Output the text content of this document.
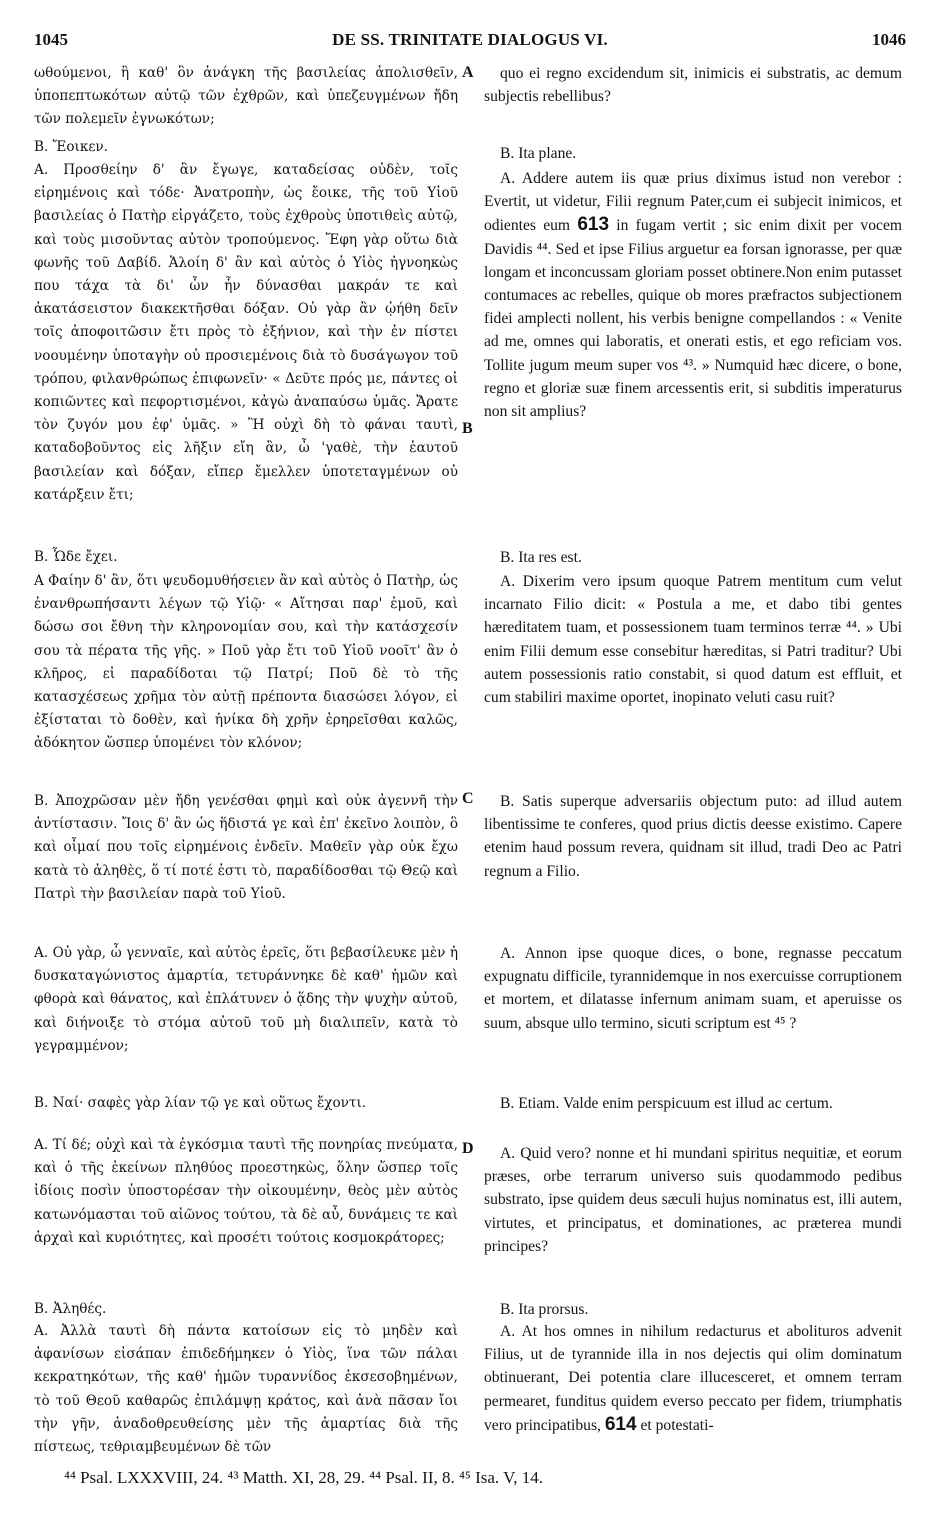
1045	DE SS. TRINITATE DIALOGUS VI.	1046
A
B
C
D

ωθούμενοι, ἢ καθ' ὃν ἀνάγκη τῆς βασιλείας ἀπολισθεῖν, ὑποπεπτωκότων αὐτῷ τῶν ἐχθρῶν, καὶ ὑπεζευγμένων ἤδη τῶν πολεμεῖν ἐγνωκότων;

Β. Ἔοικεν.

Α. Προσθείην δ' ἂν ἔγωγε, καταδείσας οὐδὲν, τοῖς εἰρημένοις καὶ τόδε· Ἀνατροπὴν, ὡς ἔοικε, τῆς τοῦ Υἱοῦ βασιλείας ὁ Πατὴρ εἰργάζετο, τοὺς ἐχθροὺς ὑποτιθεὶς αὐτῷ, καὶ τοὺς μισοῦντας αὐτὸν τροπούμενος. Ἔφη γὰρ οὕτω διὰ φωνῆς τοῦ Δαβίδ. Ἁλοίη δ' ἂν καὶ αὐτὸς ὁ Υἱὸς ἠγνοηκὼς που τάχα τὰ δι' ὧν ἦν δύνασθαι μακράν τε καὶ ἀκατάσειστον διακεκτῆσθαι δόξαν. Οὐ γὰρ ἂν ᾠήθη δεῖν τοῖς ἀποφοιτῶσιν ἔτι πρὸς τὸ ἐξήνιον, καὶ τὴν ἐν πίστει νοουμένην ὑποταγὴν οὐ προσιεμένοις διὰ τὸ δυσάγωγον τοῦ τρόπου, φιλανθρώπως ἐπιφωνεῖν· « Δεῦτε πρός με, πάντες οἱ κοπιῶντες καὶ πεφορτισμένοι, κἀγὼ ἀναπαύσω ὑμᾶς. Ἄρατε τὸν ζυγόν μου ἐφ' ὑμᾶς. » Ἢ οὐχὶ δὴ τὸ φάναι ταυτὶ, καταδοβοῦντος εἰς λῆξιν εἴη ἂν, ὦ 'γαθὲ, τὴν ἑαυτοῦ βασιλείαν καὶ δόξαν, εἴπερ ἔμελλεν ὑποτεταγμένων οὐ κατάρξειν ἔτι;

Β. Ὧδε ἔχει.

Α Φαίην δ' ἂν, ὅτι ψευδομυθήσειεν ἂν καὶ αὐτὸς ὁ Πατὴρ, ὡς ἐνανθρωπήσαντι λέγων τῷ Υἱῷ· « Αἴτησαι παρ' ἐμοῦ, καὶ δώσω σοι ἔθνη τὴν κληρονομίαν σου, καὶ τὴν κατάσχεσίν σου τὰ πέρατα τῆς γῆς. » Ποῦ γὰρ ἔτι τοῦ Υἱοῦ νοοῖτ' ἂν ὁ κλῆρος, εἰ παραδίδοται τῷ Πατρί; Ποῦ δὲ τὸ τῆς κατασχέσεως χρῆμα τὸν αὐτῇ πρέποντα διασώσει λόγον, εἰ ἐξίσταται τὸ δοθὲν, καὶ ἡνίκα δὴ χρῆν ἐρηρεῖσθαι καλῶς, ἀδόκητον ὥσπερ ὑπομένει τὸν κλόνον;

Β. Ἀποχρῶσαν μὲν ἤδη γενέσθαι φημὶ καὶ οὐκ ἀγεννῆ τὴν ἀντίστασιν. Ἴοις δ' ἂν ὡς ἥδιστά γε καὶ ἐπ' ἐκεῖνο λοιπὸν, ὃ καὶ οἶμαί που τοῖς εἰρημένοις ἐνδεῖν. Μαθεῖν γὰρ οὐκ ἔχω κατὰ τὸ ἀληθὲς, ὅ τί ποτέ ἐστι τὸ, παραδίδοσθαι τῷ Θεῷ καὶ Πατρὶ τὴν βασιλείαν παρὰ τοῦ Υἱοῦ.

Α. Οὐ γὰρ, ὦ γενναῖε, καὶ αὐτὸς ἐρεῖς, ὅτι βεβασίλευκε μὲν ἡ δυσκαταγώνιστος ἁμαρτία, τετυράννηκε δὲ καθ' ἡμῶν καὶ φθορὰ καὶ θάνατος, καὶ ἐπλάτυνεν ὁ ᾅδης τὴν ψυχὴν αὐτοῦ, καὶ διήνοιξε τὸ στόμα αὐτοῦ τοῦ μὴ διαλιπεῖν, κατὰ τὸ γεγραμμένον;

Β. Ναί· σαφὲς γὰρ λίαν τῷ γε καὶ οὕτως ἔχοντι.

Α. Τί δέ; οὐχὶ καὶ τὰ ἐγκόσμια ταυτὶ τῆς πονηρίας πνεύματα, καὶ ὁ τῆς ἐκείνων πληθύος προεστηκὼς, ὅλην ὥσπερ τοῖς ἰδίοις ποσὶν ὑποστορέσαν τὴν οἰκουμένην, θεὸς μὲν αὐτὸς κατωνόμασται τοῦ αἰῶνος τούτου, τὰ δὲ αὖ, δυνάμεις τε καὶ ἀρχαὶ καὶ κυριότητες, καὶ προσέτι τούτοις κοσμοκράτορες;

Β. Ἀληθές.

Α. Ἀλλὰ ταυτὶ δὴ πάντα κατοίσων εἰς τὸ μηδὲν καὶ ἀφανίσων εἰσάπαν ἐπιδεδήμηκεν ὁ Υἱὸς, ἵνα τῶν πάλαι κεκρατηκότων, τῆς καθ' ἡμῶν τυραννίδος ἐκσεσοβημένων, τὸ τοῦ Θεοῦ καθαρῶς ἐπιλάμψῃ κράτος, καὶ ἀνὰ πᾶσαν ἴοι τὴν γῆν, ἀναδοθρευθείσης μὲν τῆς ἁμαρτίας διὰ τῆς πίστεως, τεθριαμβευμένων δὲ τῶν

quo ei regno excidendum sit, inimicis ei substratis, ac demum subjectis rebellibus?

B. Ita plane.

A. Addere autem iis quæ prius diximus istud non verebor : Evertit, ut videtur, Filii regnum Pater,cum ei subjecit inimicos, et odientes eum 613 in fugam vertit ; sic enim dixit per vocem Davidis ⁴⁴. Sed et ipse Filius arguetur ea forsan ignorasse, per quæ longam et inconcussam gloriam posset obtinere.Non enim putasset contumaces ac rebelles, quique ob mores præfractos subjectionem fidei amplecti nollent, his verbis benigne compellandos : « Venite ad me, omnes qui laboratis, et onerati estis, et ego reficiam vos. Tollite jugum meum super vos ⁴³. » Numquid hæc dicere, o bone, regno et gloriæ suæ finem arcessentis erit, si subditis imperaturus non sit amplius?

B. Ita res est.

A. Dixerim vero ipsum quoque Patrem mentitum cum velut incarnato Filio dicit: « Postula a me, et dabo tibi gentes hæreditatem tuam, et possessionem tuam terminos terræ ⁴⁴. » Ubi enim Filii demum esse consebitur hæreditas, si Patri traditur? Ubi autem possessionis ratio constabit, si quod datum est effluit, et cum stabiliri maxime oportet, inopinato veluti casu ruit?

B. Satis superque adversariis objectum puto: ad illud autem libentissime te conferes, quod prius dictis deesse existimo. Capere etenim haud possum revera, quidnam sit illud, tradi Deo ac Patri regnum a Filio.

A. Annon ipse quoque dices, o bone, regnasse peccatum expugnatu difficile, tyrannidemque in nos exercuisse corruptionem et mortem, et dilatasse infernum animam suam, et aperuisse os suum, absque ullo termino, sicuti scriptum est ⁴⁵ ?

B. Etiam. Valde enim perspicuum est illud ac certum.

A. Quid vero? nonne et hi mundani spiritus nequitiæ, et eorum præses, orbe terrarum universo suis quodammodo pedibus substrato, ipse quidem deus sæculi hujus nominatus est, illi autem, virtutes, et principatus, et dominationes, ac præterea mundi principes?

B. Ita prorsus.

A. At hos omnes in nihilum redacturus et abolituros advenit Filius, ut de tyrannide illa in nos dejectis qui olim dominatum obtinuerant, Dei potentia clare illucesceret, et omnem terram permearet, funditus quidem everso peccato per fidem, triumphatis vero principatibus, 614 et potestati-

⁴⁴ Psal. LXXXVIII, 24. ⁴³ Matth. XI, 28, 29. ⁴⁴ Psal. II, 8. ⁴⁵ Isa. V, 14.
